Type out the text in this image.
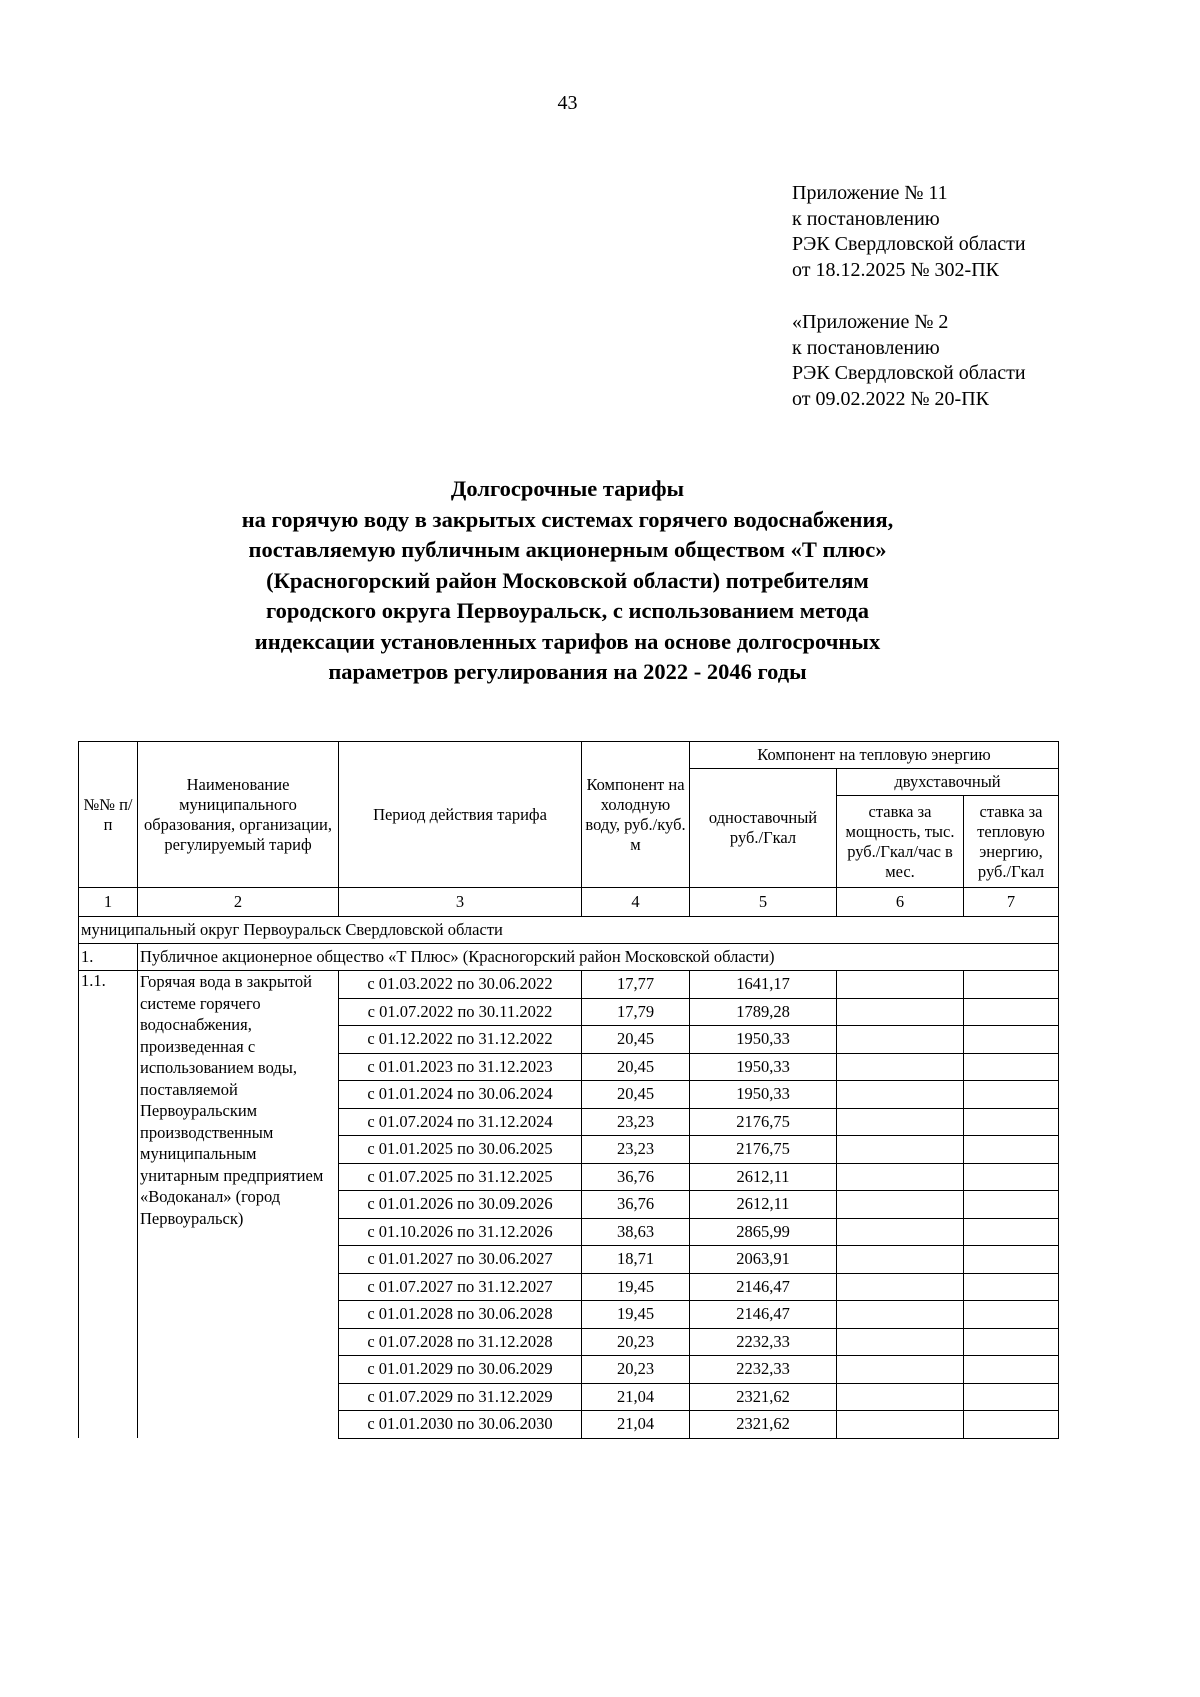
43
Приложение № 11
к постановлению
РЭК Свердловской области
от 18.12.2025 № 302-ПК
«Приложение № 2
к постановлению
РЭК Свердловской области
от 09.02.2022 № 20-ПК
Долгосрочные тарифы
на горячую воду в закрытых системах горячего водоснабжения,
поставляемую публичным акционерным обществом «Т плюс»
(Красногорский район Московской области) потребителям
городского округа Первоуральск, с использованием метода
индексации установленных тарифов на основе долгосрочных
параметров регулирования на 2022 - 2046 годы
№№ п/п	Наименование муниципального образования, организации, регулируемый тариф	Период действия тарифа	Компонент на холодную воду, руб./куб. м	Компонент на тепловую энергию		
				одноставочный руб./Гкал	двухставочный	
					ставка за мощность, тыс. руб./Гкал/час в мес.	ставка за тепловую энергию, руб./Гкал
1	2	3	4	5	6	7
муниципальный округ Первоуральск Свердловской области						
1.	Публичное акционерное общество «Т Плюс» (Красногорский район Московской области)					
1.1.	Горячая вода в закрытой системе горячего водоснабжения, произведенная с использованием воды, поставляемой Первоуральским производственным муниципальным унитарным предприятием «Водоканал» (город Первоуральск)	с 01.03.2022 по 30.06.2022	17,77	1641,17		
		с 01.07.2022 по 30.11.2022	17,79	1789,28		
		с 01.12.2022 по 31.12.2022	20,45	1950,33		
		с 01.01.2023 по 31.12.2023	20,45	1950,33		
		с 01.01.2024 по 30.06.2024	20,45	1950,33		
		с 01.07.2024 по 31.12.2024	23,23	2176,75		
		с 01.01.2025 по 30.06.2025	23,23	2176,75		
		с 01.07.2025 по 31.12.2025	36,76	2612,11		
		с 01.01.2026 по 30.09.2026	36,76	2612,11		
		с 01.10.2026 по 31.12.2026	38,63	2865,99		
		с 01.01.2027 по 30.06.2027	18,71	2063,91		
		с 01.07.2027 по 31.12.2027	19,45	2146,47		
		с 01.01.2028 по 30.06.2028	19,45	2146,47		
		с 01.07.2028 по 31.12.2028	20,23	2232,33		
		с 01.01.2029 по 30.06.2029	20,23	2232,33		
		с 01.07.2029 по 31.12.2029	21,04	2321,62		
		с 01.01.2030 по 30.06.2030	21,04	2321,62		
